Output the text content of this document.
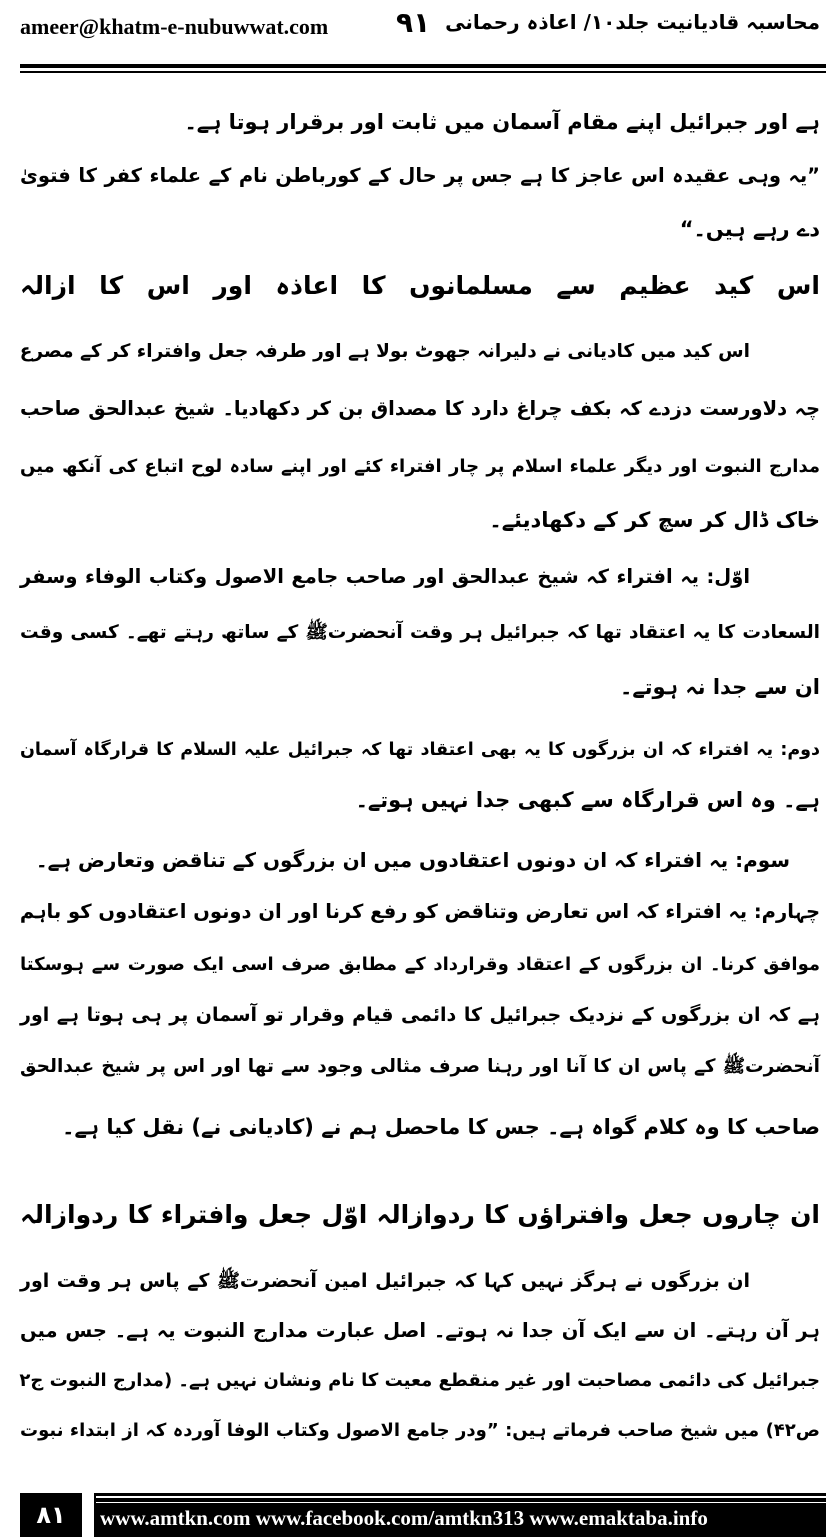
ameer@khatm-e-nubuwwat.com ۹۱ محاسبہ قادیانیت جلد۱۰/ اعاذہ رحمانی
ہے اور جبرائیل اپنے مقام آسمان میں ثابت اور برقرار ہوتا ہے۔
”یہ وہی عقیدہ اس عاجز کا ہے جس پر حال کے کورباطن نام کے علماء کفر کا فتویٰ
دے رہے ہیں۔“
اس کید عظیم سے مسلمانوں کا اعاذہ اور اس کا ازالہ
اس کید میں کادیانی نے دلیرانہ جھوٹ بولا ہے اور طرفہ جعل وافتراء کر کے مصرع
چہ دلاورست دزدے کہ بکف چراغ دارد کا مصداق بن کر دکھادیا۔ شیخ عبدالحق صاحب
مدارج النبوت اور دیگر علماء اسلام پر چار افتراء کئے اور اپنے سادہ لوح اتباع کی آنکھ میں
خاک ڈال کر سچ کر کے دکھادیئے۔
اوّل: یہ افتراء کہ شیخ عبدالحق اور صاحب جامع الاصول وکتاب الوفاء وسفر
السعادت کا یہ اعتقاد تھا کہ جبرائیل ہر وقت آنحضرتﷺ کے ساتھ رہتے تھے۔ کسی وقت
ان سے جدا نہ ہوتے۔
دوم: یہ افتراء کہ ان بزرگوں کا یہ بھی اعتقاد تھا کہ جبرائیل علیہ السلام کا قرارگاہ آسمان
ہے۔ وہ اس قرارگاہ سے کبھی جدا نہیں ہوتے۔
سوم: یہ افتراء کہ ان دونوں اعتقادوں میں ان بزرگوں کے تناقض وتعارض ہے۔
چہارم: یہ افتراء کہ اس تعارض وتناقض کو رفع کرنا اور ان دونوں اعتقادوں کو باہم
موافق کرنا۔ ان بزرگوں کے اعتقاد وقرارداد کے مطابق صرف اسی ایک صورت سے ہوسکتا
ہے کہ ان بزرگوں کے نزدیک جبرائیل کا دائمی قیام وقرار تو آسمان پر ہی ہوتا ہے اور
آنحضرتﷺ کے پاس ان کا آنا اور رہنا صرف مثالی وجود سے تھا اور اس پر شیخ عبدالحق
صاحب کا وہ کلام گواہ ہے۔ جس کا ماحصل ہم نے (کادیانی نے) نقل کیا ہے۔
ان چاروں جعل وافتراؤں کا ردوازالہ اوّل جعل وافتراء کا ردوازالہ
ان بزرگوں نے ہرگز نہیں کہا کہ جبرائیل امین آنحضرتﷺ کے پاس ہر وقت اور
ہر آن رہتے۔ ان سے ایک آن جدا نہ ہوتے۔ اصل عبارت مدارج النبوت یہ ہے۔ جس میں
جبرائیل کی دائمی مصاحبت اور غیر منقطع معیت کا نام ونشان نہیں ہے۔ (مدارج النبوت ج۲
ص۴۲) میں شیخ صاحب فرماتے ہیں: ”ودر جامع الاصول وکتاب الوفا آوردہ کہ از ابتداء نبوت
۸۱	www.amtkn.com www.facebook.com/amtkn313 www.emaktaba.info
